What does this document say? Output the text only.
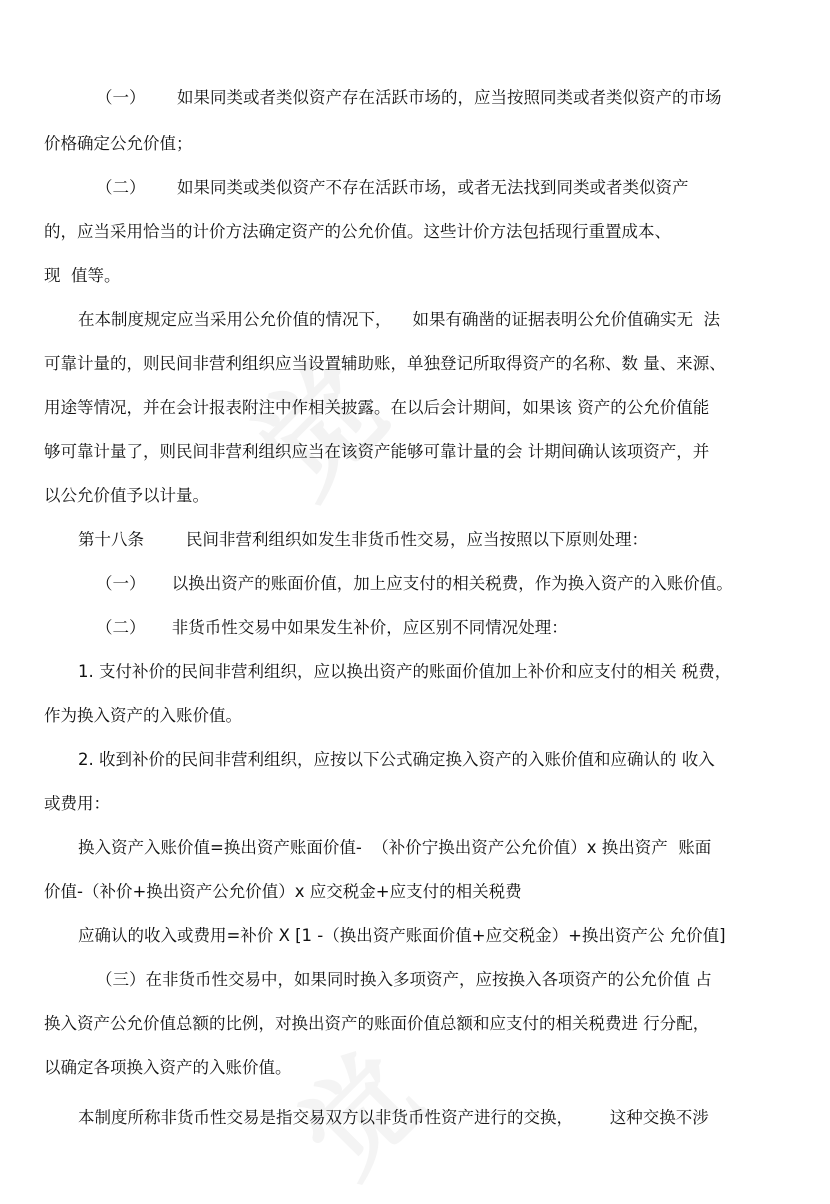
（一）      如果同类或者类似资产存在活跃市场的，应当按照同类或者类似资产的市场
价格确定公允价值；
（二）      如果同类或类似资产不存在活跃市场，或者无法找到同类或者类似资产
的，应当采用恰当的计价方法确定资产的公允价值。这些计价方法包括现行重置成本、
现  值等。
在本制度规定应当采用公允价值的情况下，    如果有确凿的证据表明公允价值确实无  法
可靠计量的，则民间非营利组织应当设置辅助账，单独登记所取得资产的名称、数 量、来源、
用途等情况，并在会计报表附注中作相关披露。在以后会计期间，如果该 资产的公允价值能
够可靠计量了，则民间非营利组织应当在该资产能够可靠计量的会 计期间确认该项资产，并
以公允价值予以计量。
第十八条        民间非营利组织如发生非货币性交易，应当按照以下原则处理：
（一）     以换出资产的账面价值，加上应支付的相关税费，作为换入资产的入账价值。
（二）     非货币性交易中如果发生补价，应区别不同情况处理：
1. 支付补价的民间非营利组织，应以换出资产的账面价值加上补价和应支付的相关 税费，
作为换入资产的入账价值。
2. 收到补价的民间非营利组织，应按以下公式确定换入资产的入账价值和应确认的 收入
或费用：
换入资产入账价值=换出资产账面价值-  （补价宁换出资产公允价值）x 换出资产  账面
价值-（补价+换出资产公允价值）x 应交税金+应支付的相关税费
应确认的收入或费用=补价 X [1 -（换出资产账面价值+应交税金）+换出资产公 允价值]
（三）在非货币性交易中，如果同时换入多项资产，应按换入各项资产的公允价值 占
换入资产公允价值总额的比例，对换出资产的账面价值总额和应支付的相关税费进 行分配，
以确定各项换入资产的入账价值。
本制度所称非货币性交易是指交易双方以非货币性资产进行的交换，       这种交换不涉
